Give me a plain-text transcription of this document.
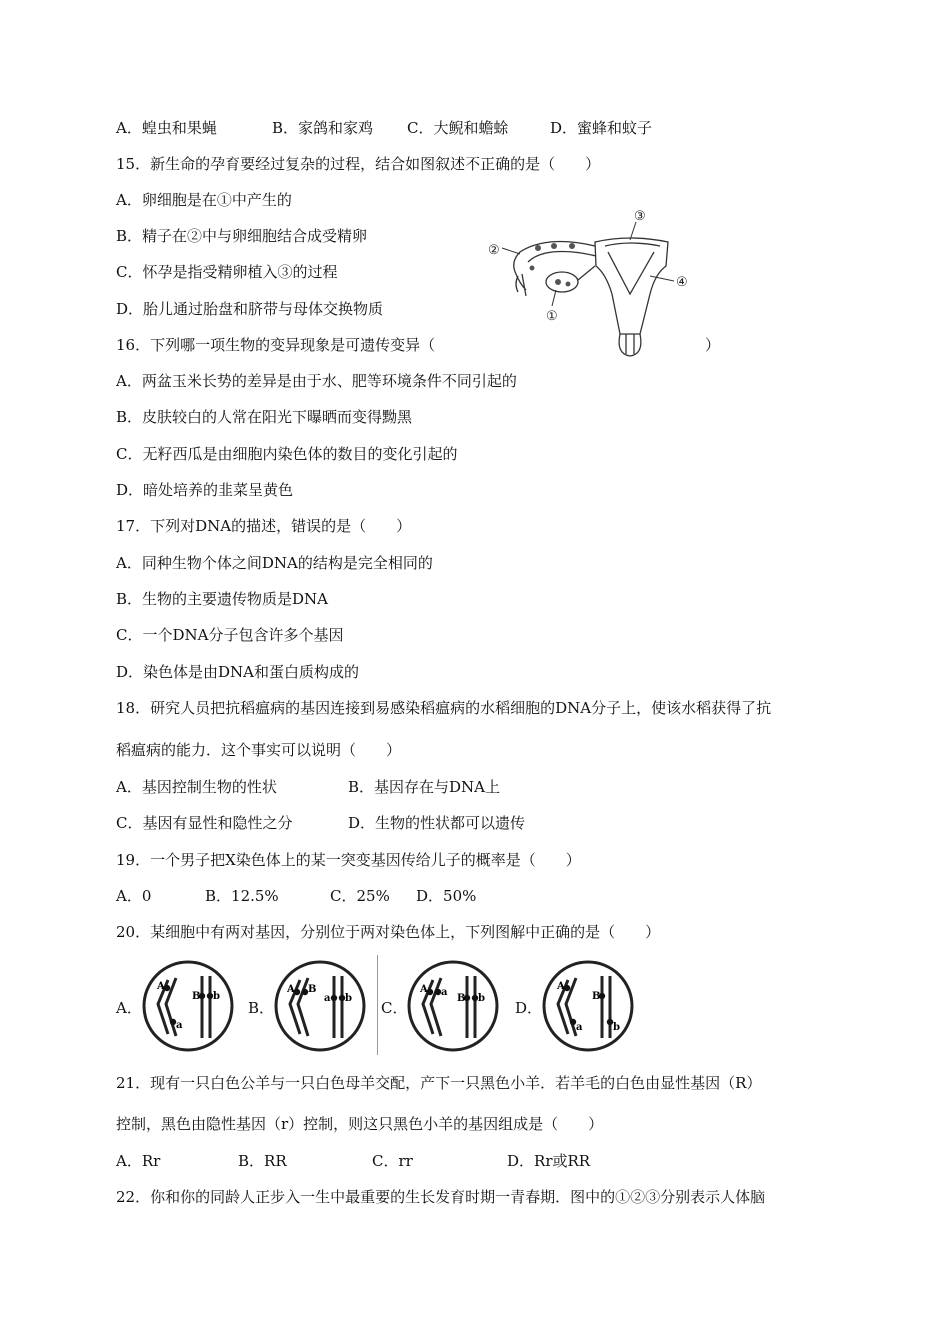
A．蝗虫和果蝇	B．家鸽和家鸡 C．大鲵和蟾蜍	D．蜜蜂和蚊子
15．新生命的孕育要经过复杂的过程，结合如图叙述不正确的是（　　）
A．卵细胞是在①中产生的
B．精子在②中与卵细胞结合成受精卵
C．怀孕是指受精卵植入③的过程
D．胎儿通过胎盘和脐带与母体交换物质
③
②
④
①
16．下列哪一项生物的变异现象是可遗传变异（	）
A．两盆玉米长势的差异是由于水、肥等环境条件不同引起的
B．皮肤较白的人常在阳光下曝晒而变得黝黑
C．无籽西瓜是由细胞内染色体的数目的变化引起的
D．暗处培养的韭菜呈黄色
17．下列对DNA的描述，错误的是（　　）
A．同种生物个体之间DNA的结构是完全相同的
B．生物的主要遗传物质是DNA
C．一个DNA分子包含许多个基因
D．染色体是由DNA和蛋白质构成的
18．研究人员把抗稻瘟病的基因连接到易感染稻瘟病的水稻细胞的DNA分子上，使该水稻获得了抗
稻瘟病的能力．这个事实可以说明（　　）
A．基因控制生物的性状	B．基因存在与DNA上
C．基因有显性和隐性之分	D．生物的性状都可以遗传
19．一个男子把X染色体上的某一突变基因传给儿子的概率是（　　）
A．0	B．12.5%	C．25% D．50%
20．某细胞中有两对基因，分别位于两对染色体上，下列图解中正确的是（　　）
A．	B．	C．	D．
A
a
B b
A B
a b
A a
B b
A
a
B
b
21．现有一只白色公羊与一只白色母羊交配，产下一只黑色小羊．若羊毛的白色由显性基因（R）
控制，黑色由隐性基因（r）控制，则这只黑色小羊的基因组成是（　　）
A．Rr	B．RR	C．rr	D．Rr或RR
22．你和你的同龄人正步入一生中最重要的生长发育时期一青春期．图中的①②③分别表示人体脑
